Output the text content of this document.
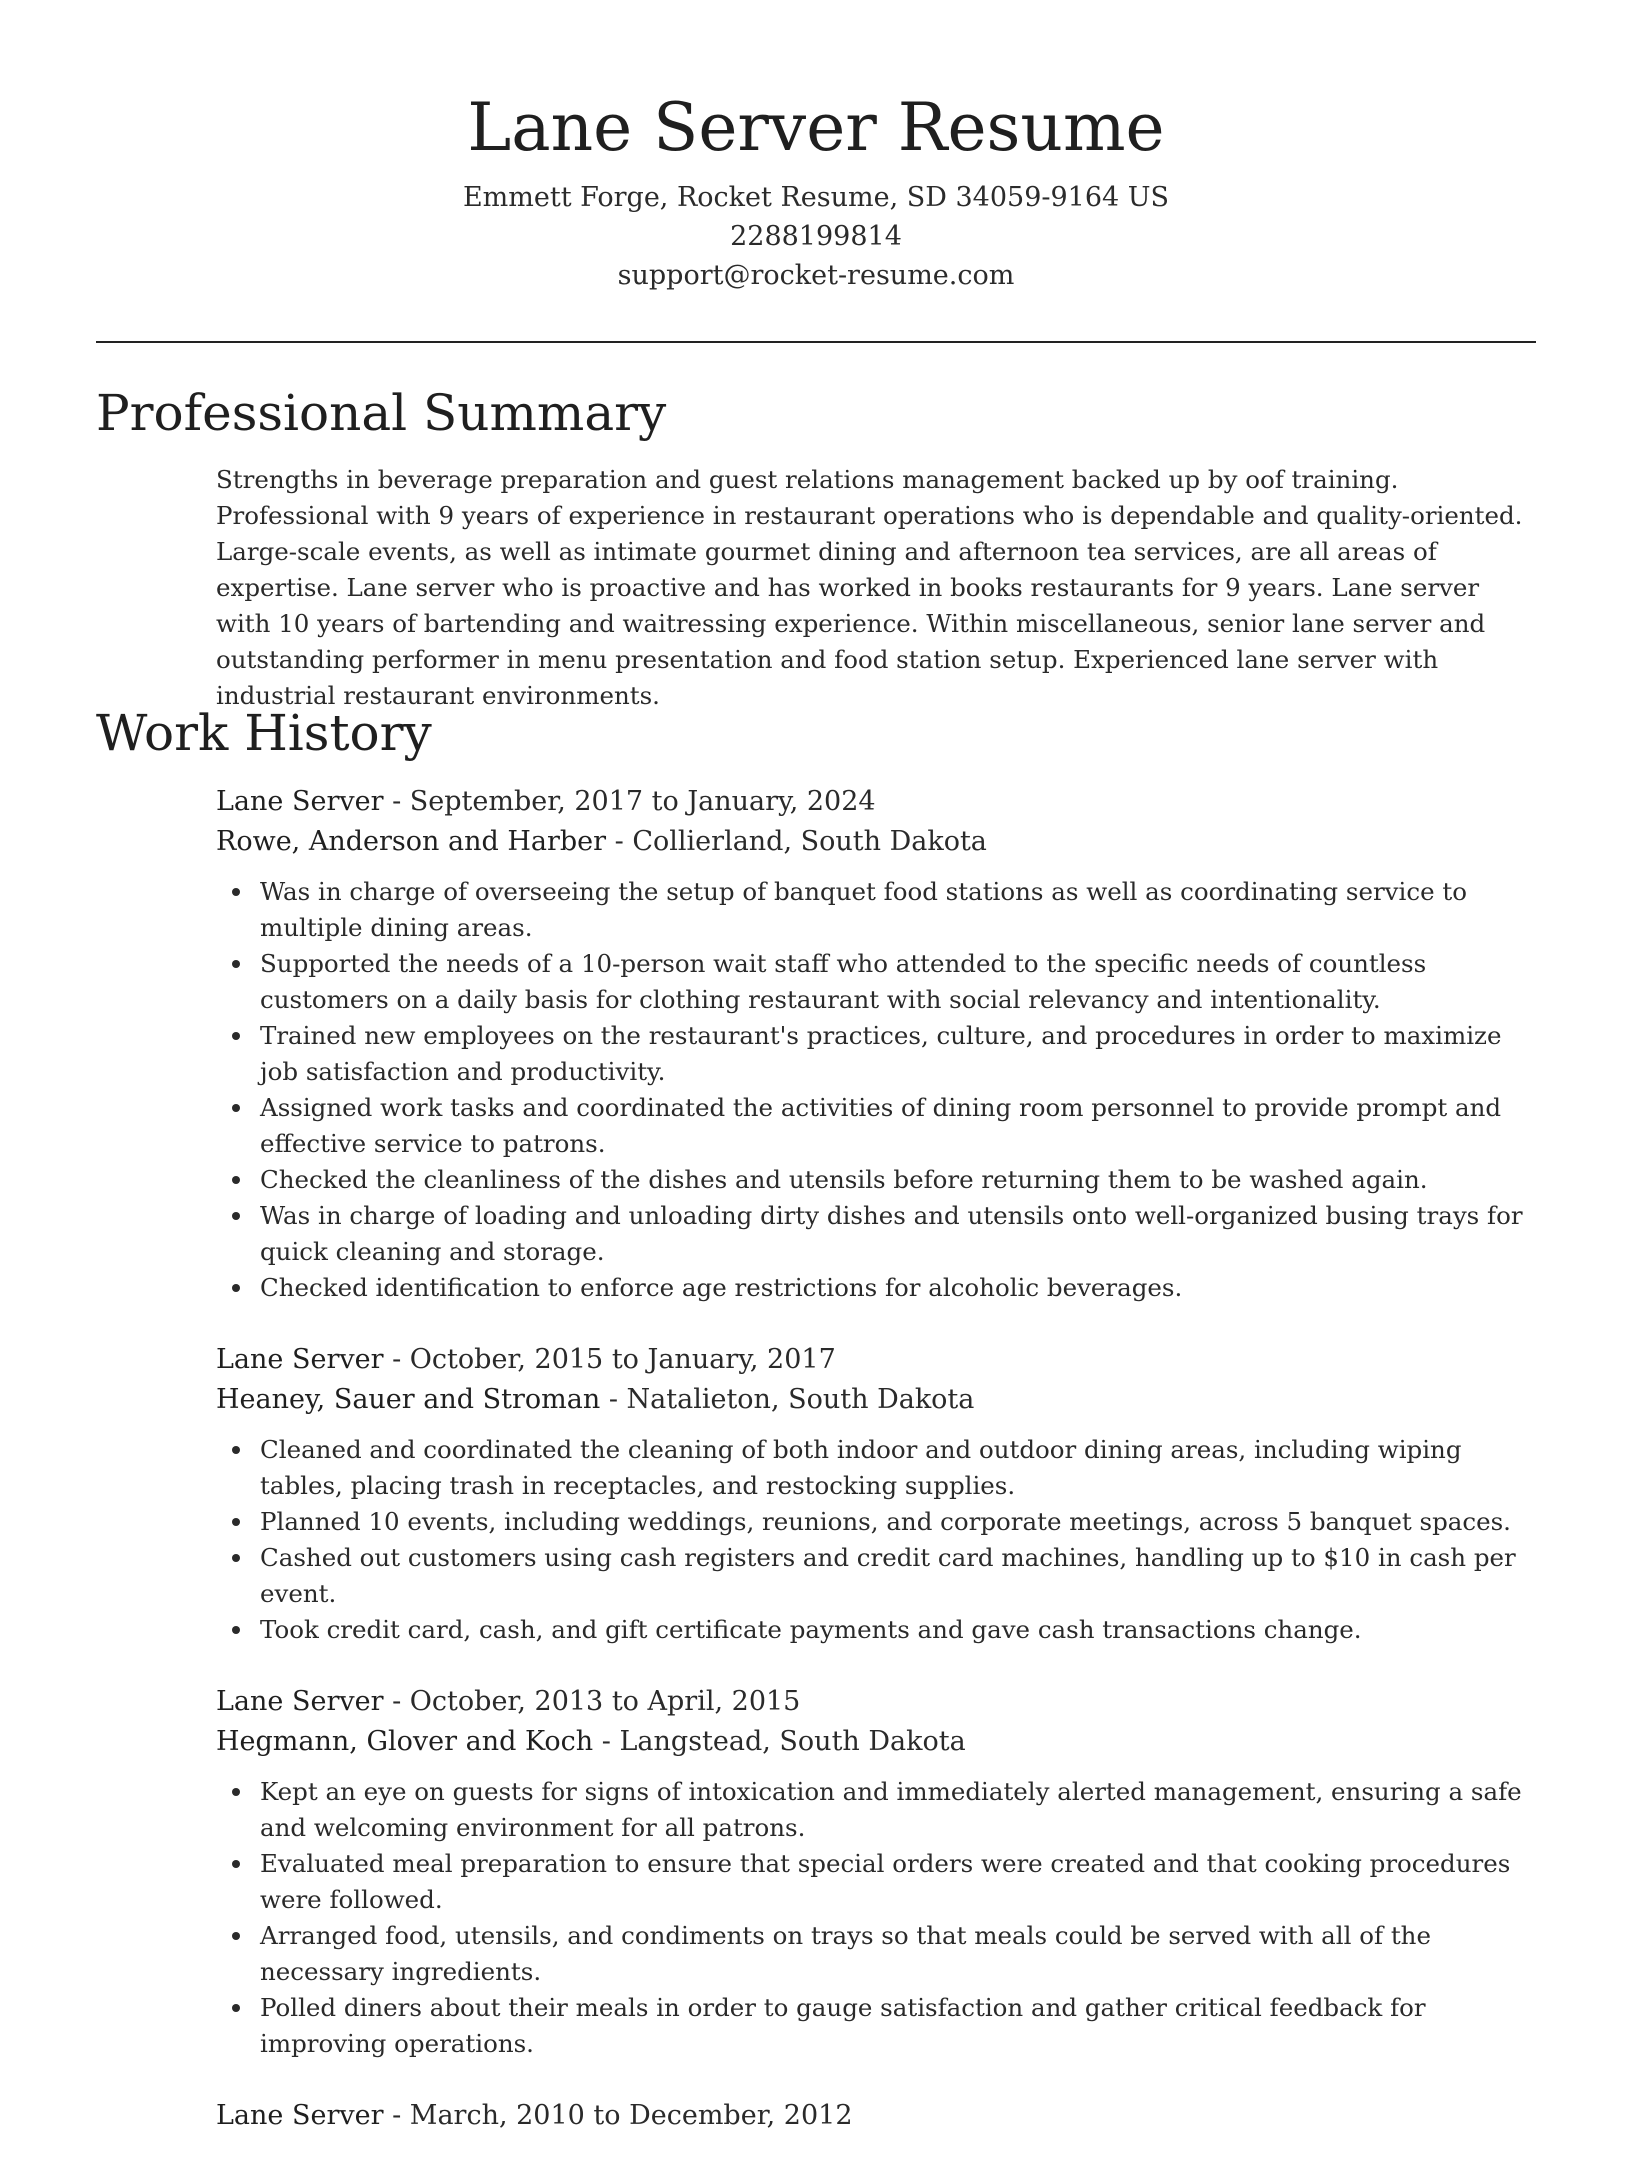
Lane Server Resume
Emmett Forge, Rocket Resume, SD 34059-9164 US
2288199814
support@rocket-resume.com
Professional Summary

Strengths in beverage preparation and guest relations management backed up by oof training. Professional with 9 years of experience in restaurant operations who is dependable and quality-oriented. Large-scale events, as well as intimate gourmet dining and afternoon tea services, are all areas of expertise. Lane server who is proactive and has worked in books restaurants for 9 years. Lane server with 10 years of bartending and waitressing experience. Within miscellaneous, senior lane server and outstanding performer in menu presentation and food station setup. Experienced lane server with industrial restaurant environments.

Work History
Lane Server - September, 2017 to January, 2024
Rowe, Anderson and Harber - Collierland, South Dakota
Was in charge of overseeing the setup of banquet food stations as well as coordinating service to multiple dining areas.
Supported the needs of a 10-person wait staff who attended to the specific needs of countless customers on a daily basis for clothing restaurant with social relevancy and intentionality.
Trained new employees on the restaurant's practices, culture, and procedures in order to maximize job satisfaction and productivity.
Assigned work tasks and coordinated the activities of dining room personnel to provide prompt and effective service to patrons.
Checked the cleanliness of the dishes and utensils before returning them to be washed again.
Was in charge of loading and unloading dirty dishes and utensils onto well-organized busing trays for quick cleaning and storage.
Checked identification to enforce age restrictions for alcoholic beverages.
Lane Server - October, 2015 to January, 2017
Heaney, Sauer and Stroman - Natalieton, South Dakota
Cleaned and coordinated the cleaning of both indoor and outdoor dining areas, including wiping tables, placing trash in receptacles, and restocking supplies.
Planned 10 events, including weddings, reunions, and corporate meetings, across 5 banquet spaces.
Cashed out customers using cash registers and credit card machines, handling up to $10 in cash per event.
Took credit card, cash, and gift certificate payments and gave cash transactions change.
Lane Server - October, 2013 to April, 2015
Hegmann, Glover and Koch - Langstead, South Dakota
Kept an eye on guests for signs of intoxication and immediately alerted management, ensuring a safe and welcoming environment for all patrons.
Evaluated meal preparation to ensure that special orders were created and that cooking procedures were followed.
Arranged food, utensils, and condiments on trays so that meals could be served with all of the necessary ingredients.
Polled diners about their meals in order to gauge satisfaction and gather critical feedback for improving operations.
Lane Server - March, 2010 to December, 2012
